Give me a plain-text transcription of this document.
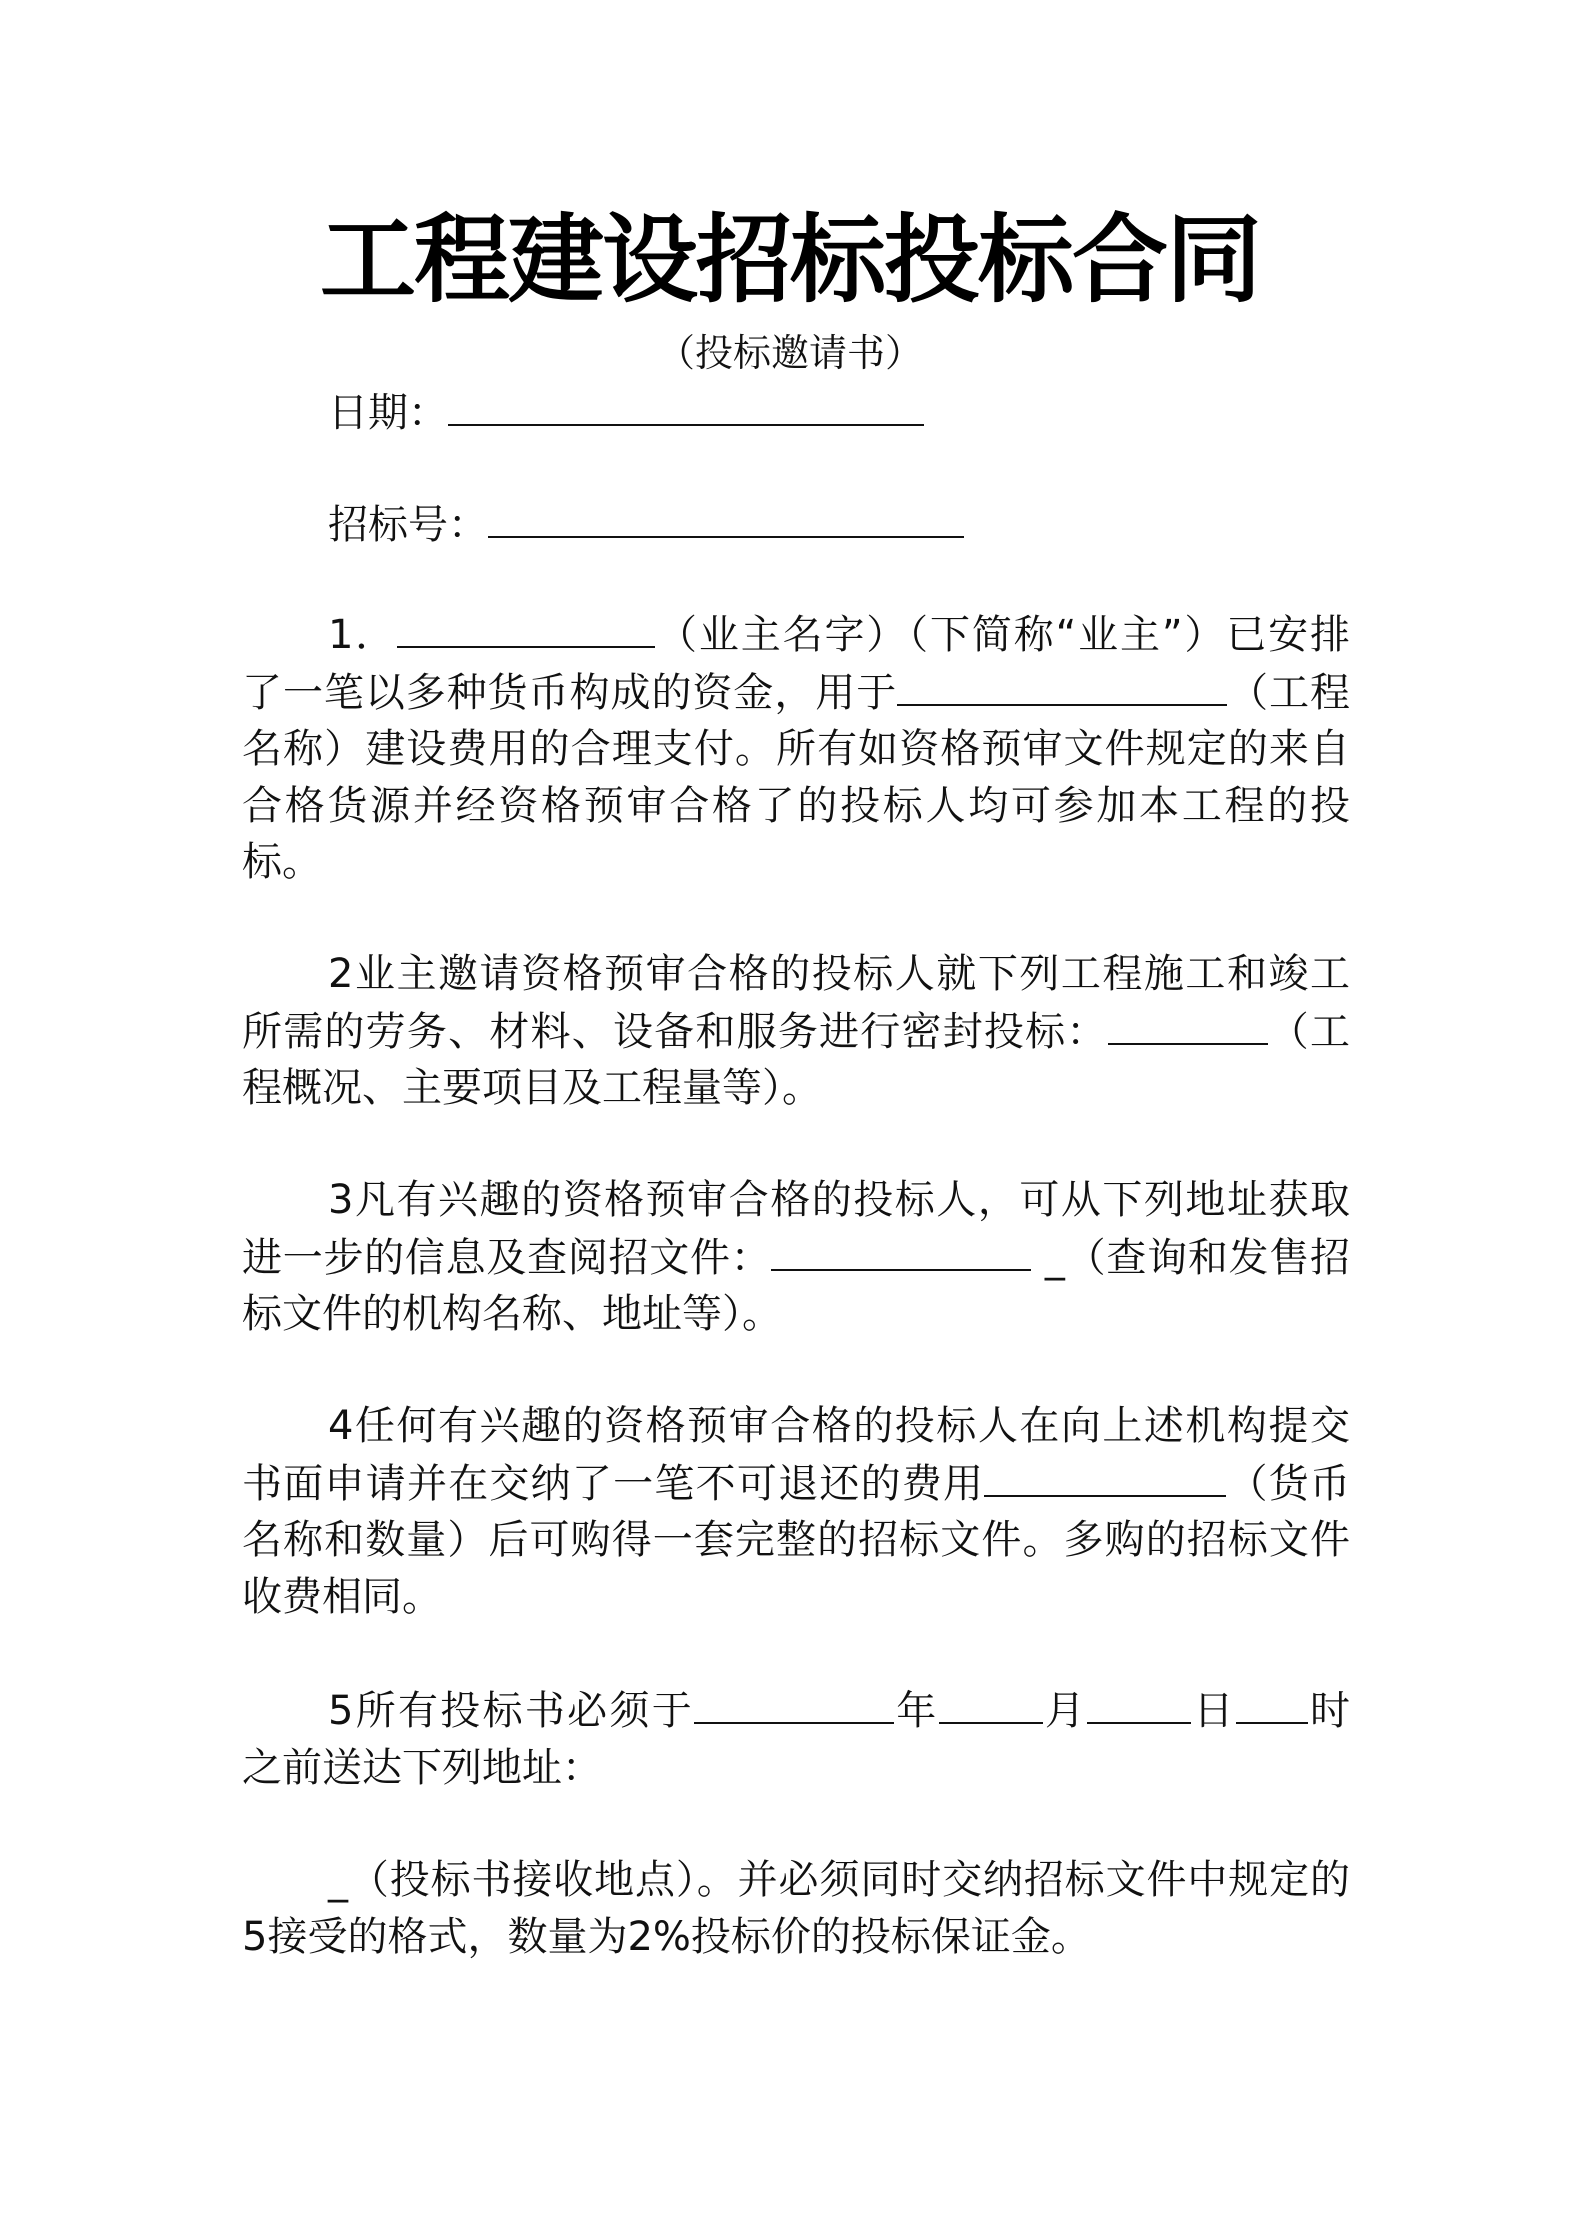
工程建设招标投标合同
（投标邀请书）
日期：
招标号：

1．	（业主名字）（下简称“业主”）已安排了一笔以多种货币构成的资金，用于	（工程名称）建设费用的合理支付。所有如资格预审文件规定的来自合格货源并经资格预审合格了的投标人均可参加本工程的投标。

2业主邀请资格预审合格的投标人就下列工程施工和竣工所需的劳务、材料、设备和服务进行密封投标：	（工程概况、主要项目及工程量等）。

3凡有兴趣的资格预审合格的投标人，可从下列地址获取进一步的信息及查阅招文件：	_（查询和发售招标文件的机构名称、地址等）。

4任何有兴趣的资格预审合格的投标人在向上述机构提交书面申请并在交纳了一笔不可退还的费用	（货币名称和数量）后可购得一套完整的招标文件。多购的招标文件收费相同。

5所有投标书必须于	年	月	日 时之前送达下列地址：

_（投标书接收地点）。并必须同时交纳招标文件中规定的5接受的格式，数量为2%投标价的投标保证金。
